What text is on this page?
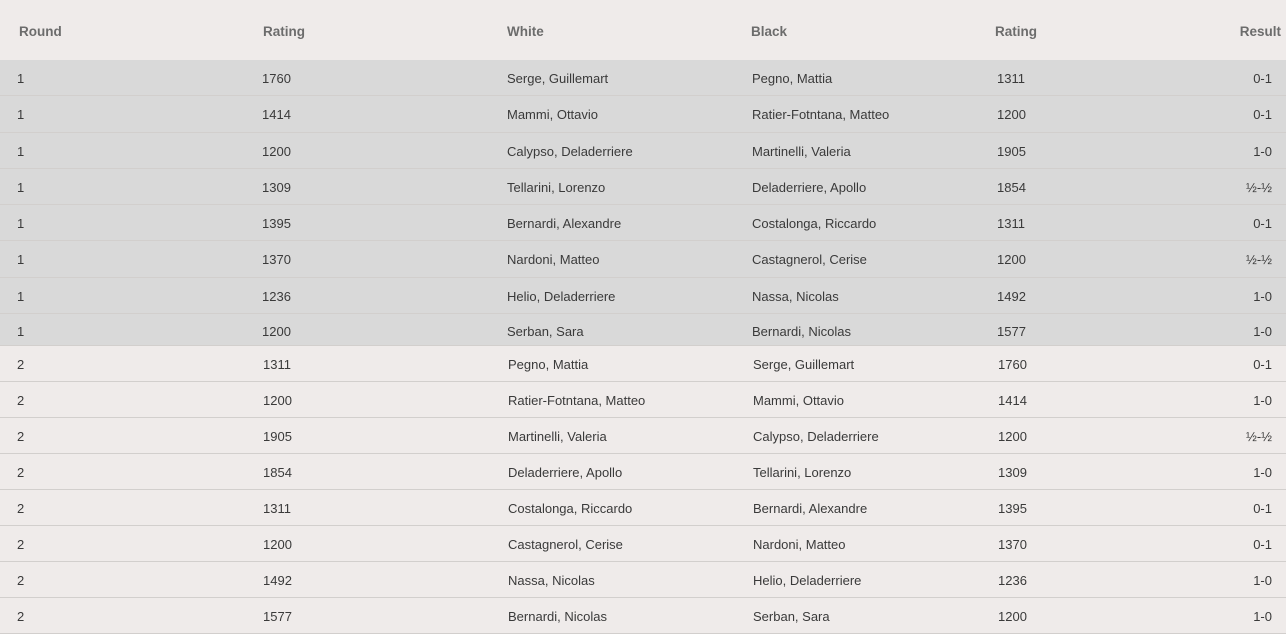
Round	Rating	White	Black	Rating	Result
1	1760	Serge, Guillemart	Pegno, Mattia	1311	0-1
1	1414	Mammi, Ottavio	Ratier-Fotntana, Matteo	1200	0-1
1	1200	Calypso, Deladerriere	Martinelli, Valeria	1905	1-0
1	1309	Tellarini, Lorenzo	Deladerriere, Apollo	1854	½-½
1	1395	Bernardi, Alexandre	Costalonga, Riccardo	1311	0-1
1	1370	Nardoni, Matteo	Castagnerol, Cerise	1200	½-½
1	1236	Helio, Deladerriere	Nassa, Nicolas	1492	1-0
1	1200	Serban, Sara	Bernardi, Nicolas	1577	1-0
2	1311	Pegno, Mattia	Serge, Guillemart	1760	0-1
2	1200	Ratier-Fotntana, Matteo	Mammi, Ottavio	1414	1-0
2	1905	Martinelli, Valeria	Calypso, Deladerriere	1200	½-½
2	1854	Deladerriere, Apollo	Tellarini, Lorenzo	1309	1-0
2	1311	Costalonga, Riccardo	Bernardi, Alexandre	1395	0-1
2	1200	Castagnerol, Cerise	Nardoni, Matteo	1370	0-1
2	1492	Nassa, Nicolas	Helio, Deladerriere	1236	1-0
2	1577	Bernardi, Nicolas	Serban, Sara	1200	1-0
